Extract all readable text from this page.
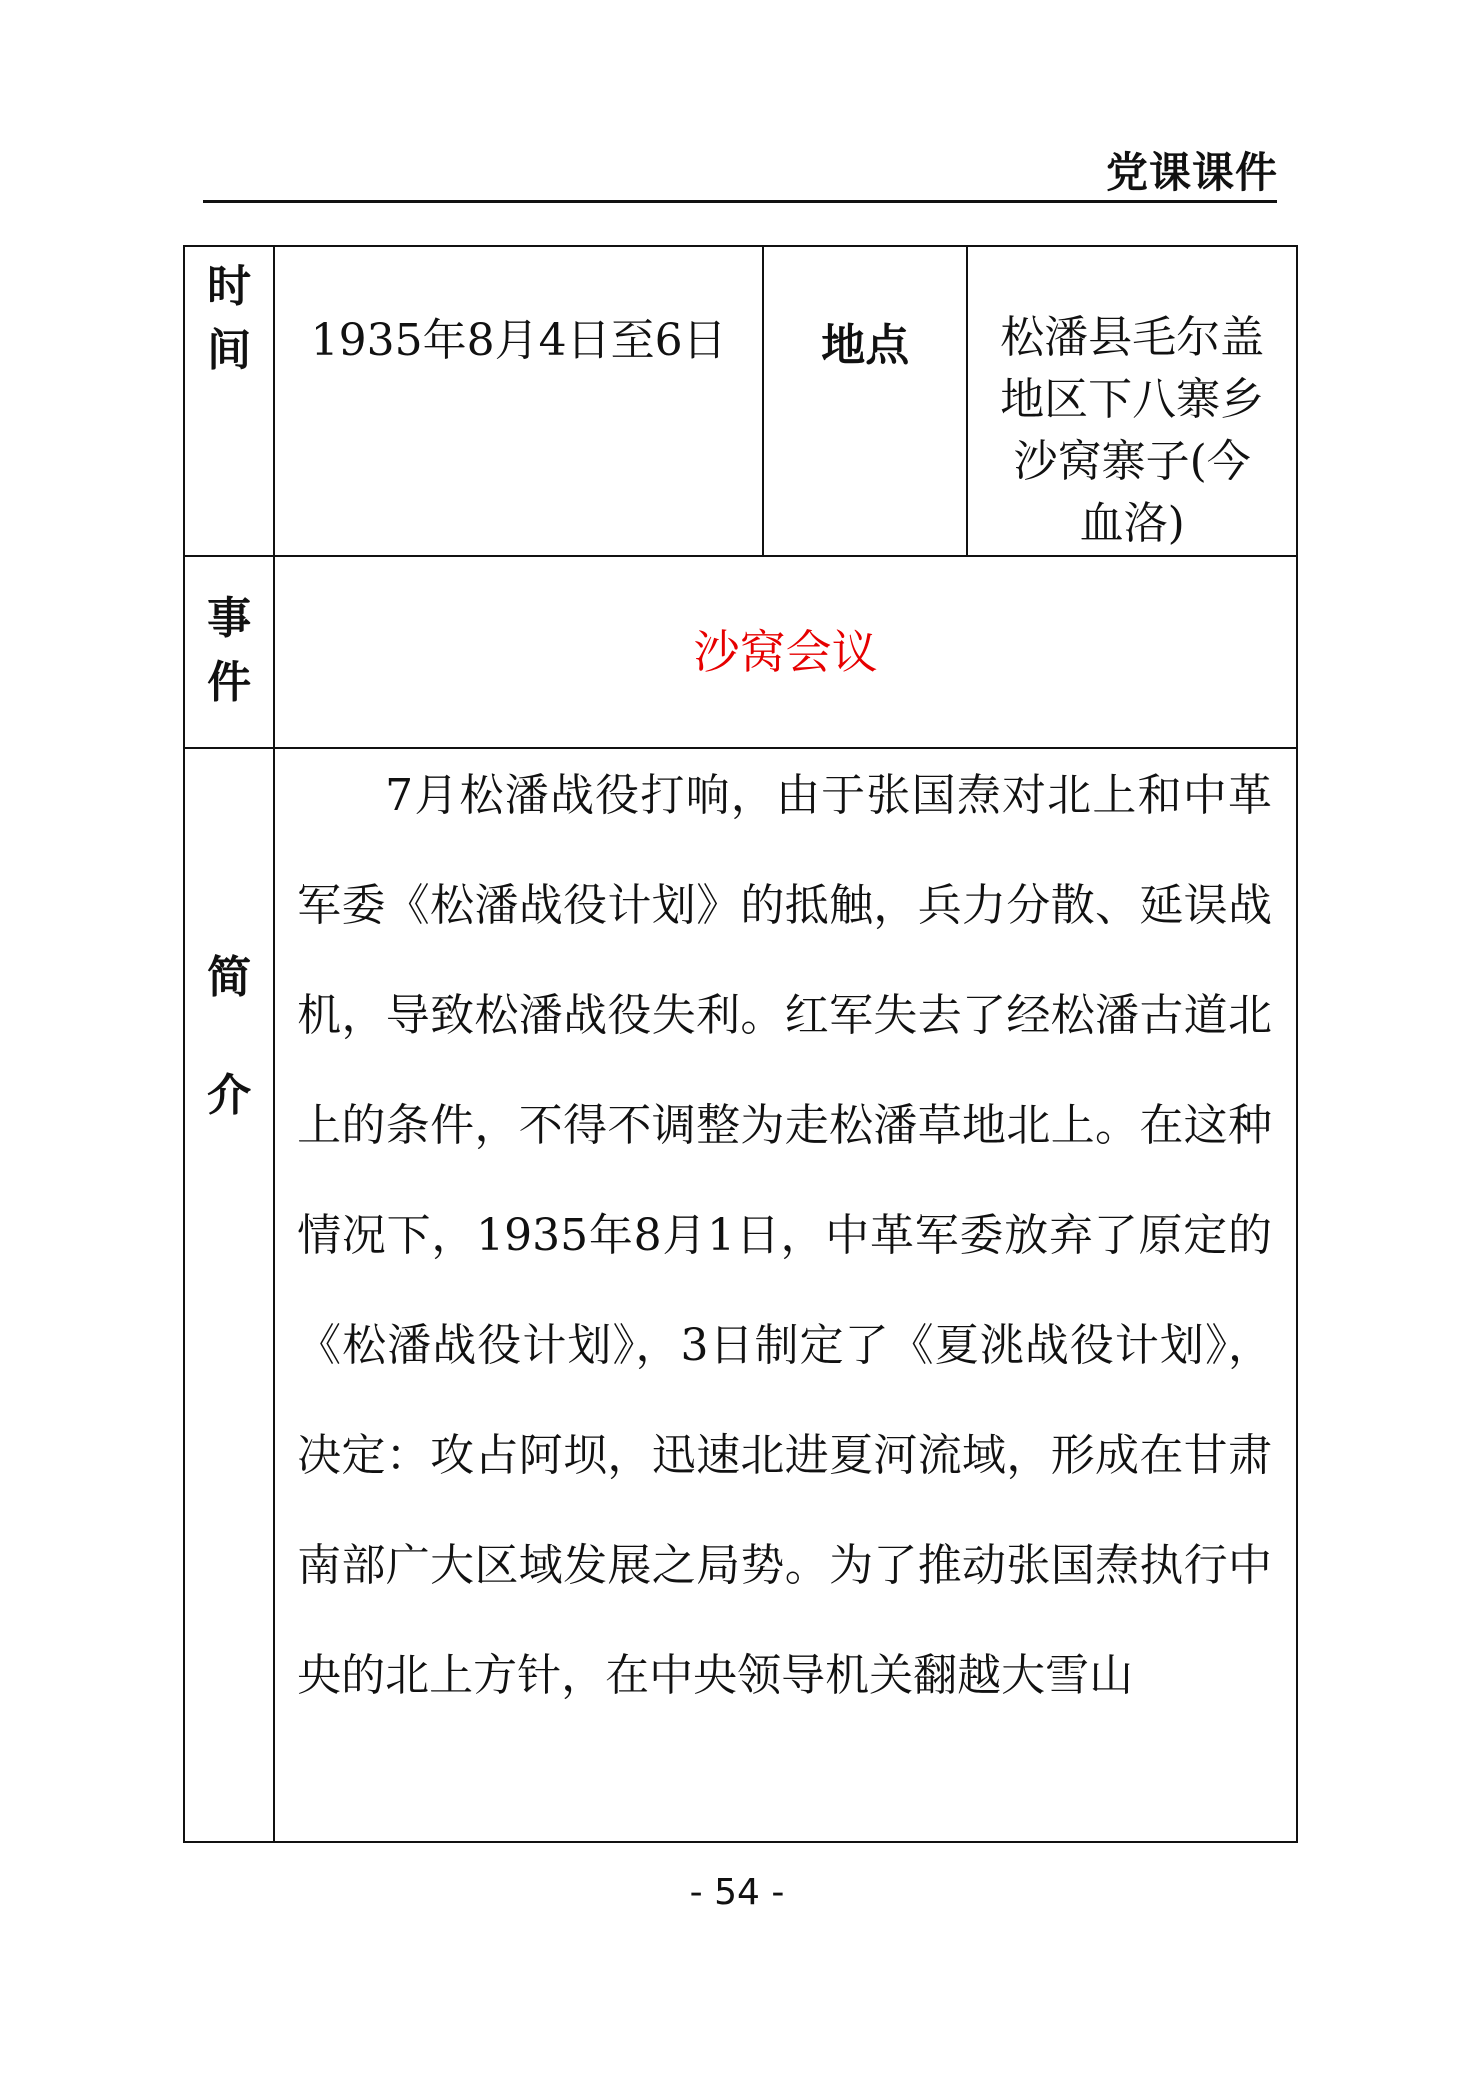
党课课件
时间	1935年8月4日至6日	地点	松潘县毛尔盖地区下八寨乡沙窝寨子(今血洛)

事件	沙窝会议		

简介	7月松潘战役打响，由于张国焘对北上和中革军委《松潘战役计划》的抵触，兵力分散、延误战机，导致松潘战役失利。红军失去了经松潘古道北上的条件，不得不调整为走松潘草地北上。在这种情况下，1935年8月1日，中革军委放弃了原定的《松潘战役计划》，3日制定了《夏洮战役计划》，决定：攻占阿坝，迅速北进夏河流域，形成在甘肃南部广大区域发展之局势。为了推动张国焘执行中央的北上方针，在中央领导机关翻越大雪山		
- 54 -
